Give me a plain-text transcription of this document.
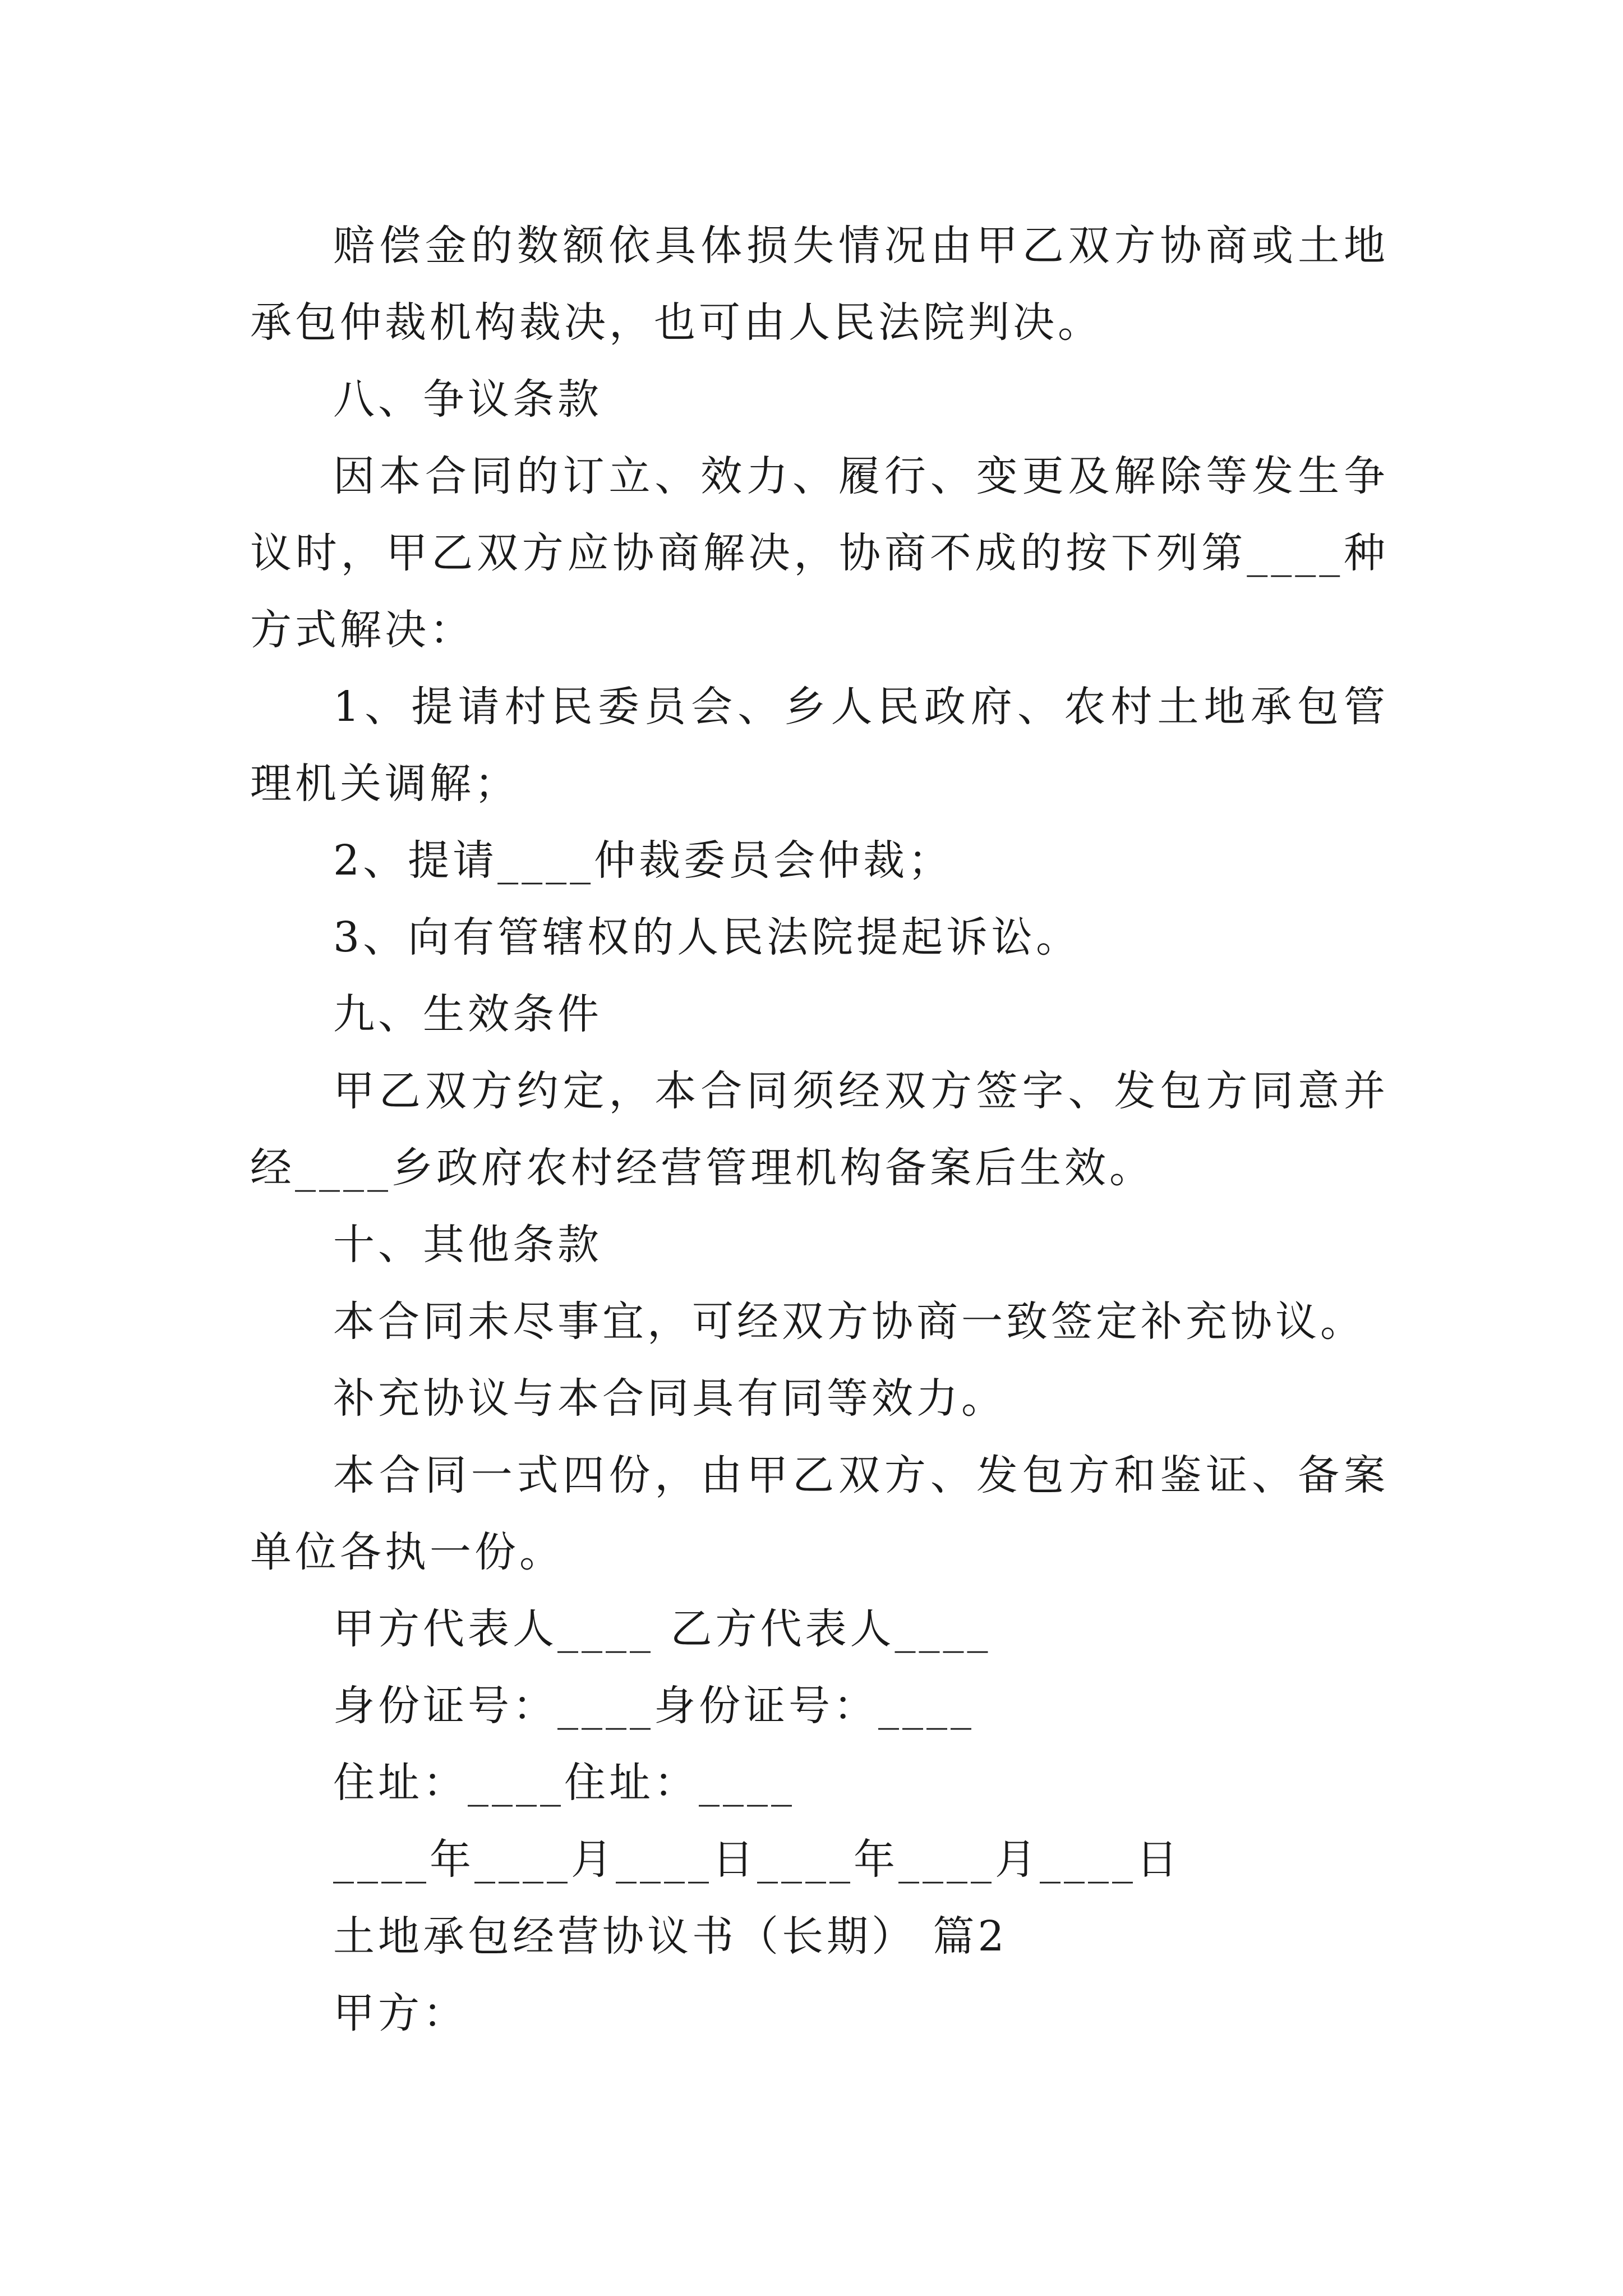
赔偿金的数额依具体损失情况由甲乙双方协商或土地承包仲裁机构裁决，也可由人民法院判决。

八、争议条款

因本合同的订立、效力、履行、变更及解除等发生争议时，甲乙双方应协商解决，协商不成的按下列第____种方式解决：

1、提请村民委员会、乡人民政府、农村土地承包管理机关调解；

2、提请____仲裁委员会仲裁；

3、向有管辖权的人民法院提起诉讼。

九、生效条件

甲乙双方约定，本合同须经双方签字、发包方同意并经____乡政府农村经营管理机构备案后生效。

十、其他条款

本合同未尽事宜，可经双方协商一致签定补充协议。

补充协议与本合同具有同等效力。

本合同一式四份，由甲乙双方、发包方和鉴证、备案单位各执一份。

甲方代表人____ 乙方代表人____

身份证号：____身份证号：____

住址：____住址：____

____年____月____日____年____月____日

土地承包经营协议书（长期） 篇2

甲方：
